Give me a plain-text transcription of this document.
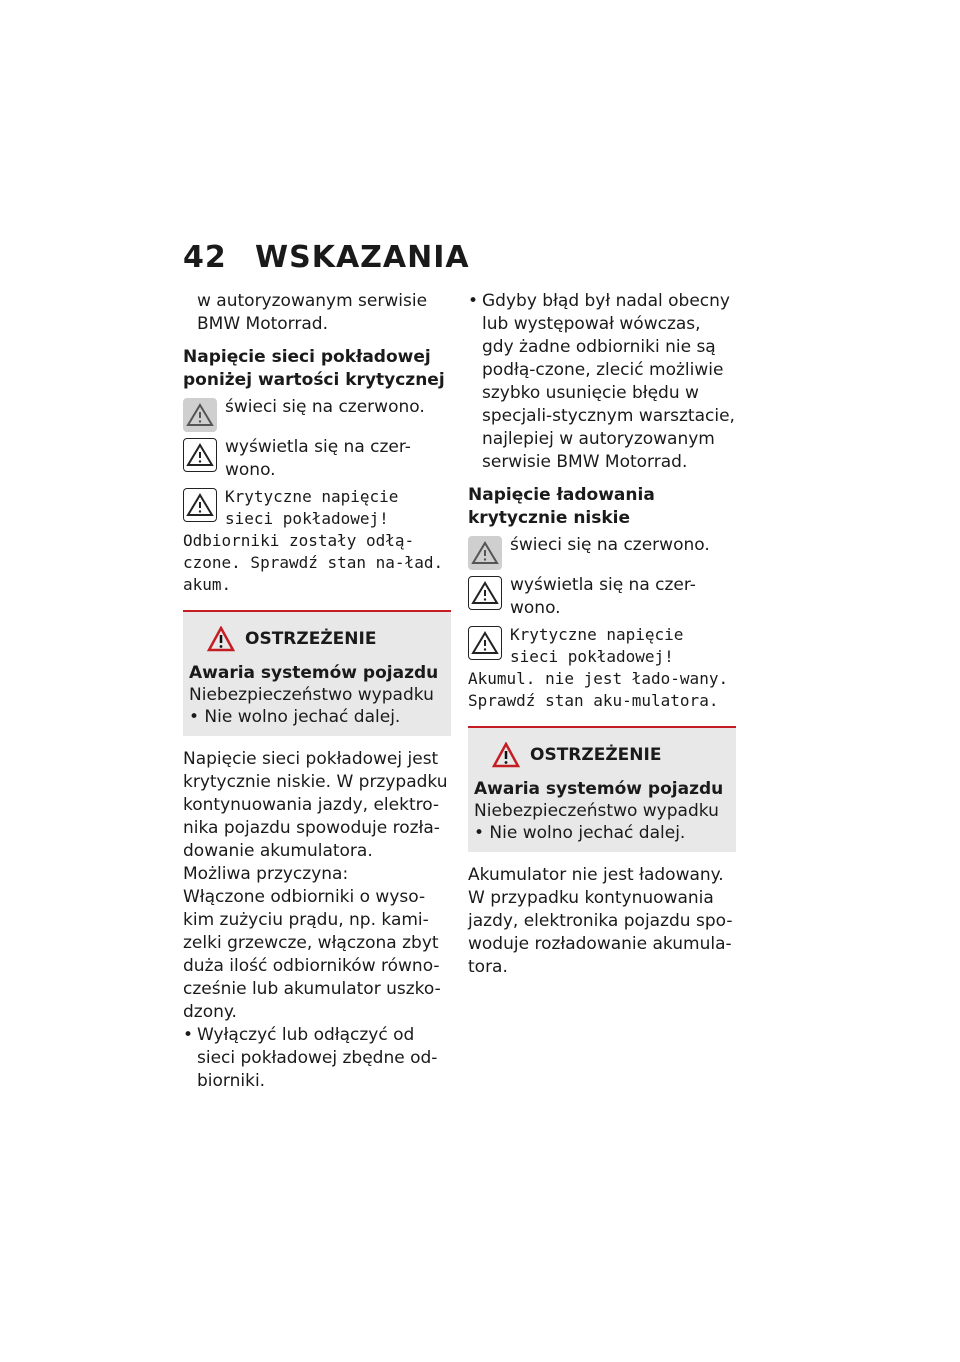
42 WSKAZANIA

w autoryzowanym serwisie BMW Motorrad.

Napięcie sieci pokładowej poniżej wartości krytycznej

świeci się na czerwono.
wyświetla się na czer-wono.
Krytyczne napięcie
sieci pokładowej!

Odbiorniki zostały odłą-czone. Sprawdź stan na-ład. akum.

OSTRZEŻENIE
Awaria systemów pojazdu
Niebezpieczeństwo wypadku
• Nie wolno jechać dalej.

Napięcie sieci pokładowej jest krytycznie niskie. W przypadku kontynuowania jazdy, elektro-nika pojazdu spowoduje rozła-dowanie akumulatora.

Możliwa przyczyna:

Włączone odbiorniki o wyso-kim zużyciu prądu, np. kami-zelki grzewcze, włączona zbyt duża ilość odbiorników równo-cześnie lub akumulator uszko-dzony.

• Wyłączyć lub odłączyć od sieci pokładowej zbędne od-biorniki.

• Gdyby błąd był nadal obecny lub występował wówczas, gdy żadne odbiorniki nie są podłą-czone, zlecić możliwie szybko usunięcie błędu w specjali-stycznym warsztacie, najlepiej w autoryzowanym serwisie BMW Motorrad.

Napięcie ładowania krytycznie niskie

świeci się na czerwono.
wyświetla się na czer-wono.
Krytyczne napięcie
sieci pokładowej!

Akumul. nie jest łado-wany. Sprawdź stan aku-mulatora.

OSTRZEŻENIE
Awaria systemów pojazdu
Niebezpieczeństwo wypadku
• Nie wolno jechać dalej.

Akumulator nie jest ładowany. W przypadku kontynuowania jazdy, elektronika pojazdu spo-woduje rozładowanie akumula-tora.
